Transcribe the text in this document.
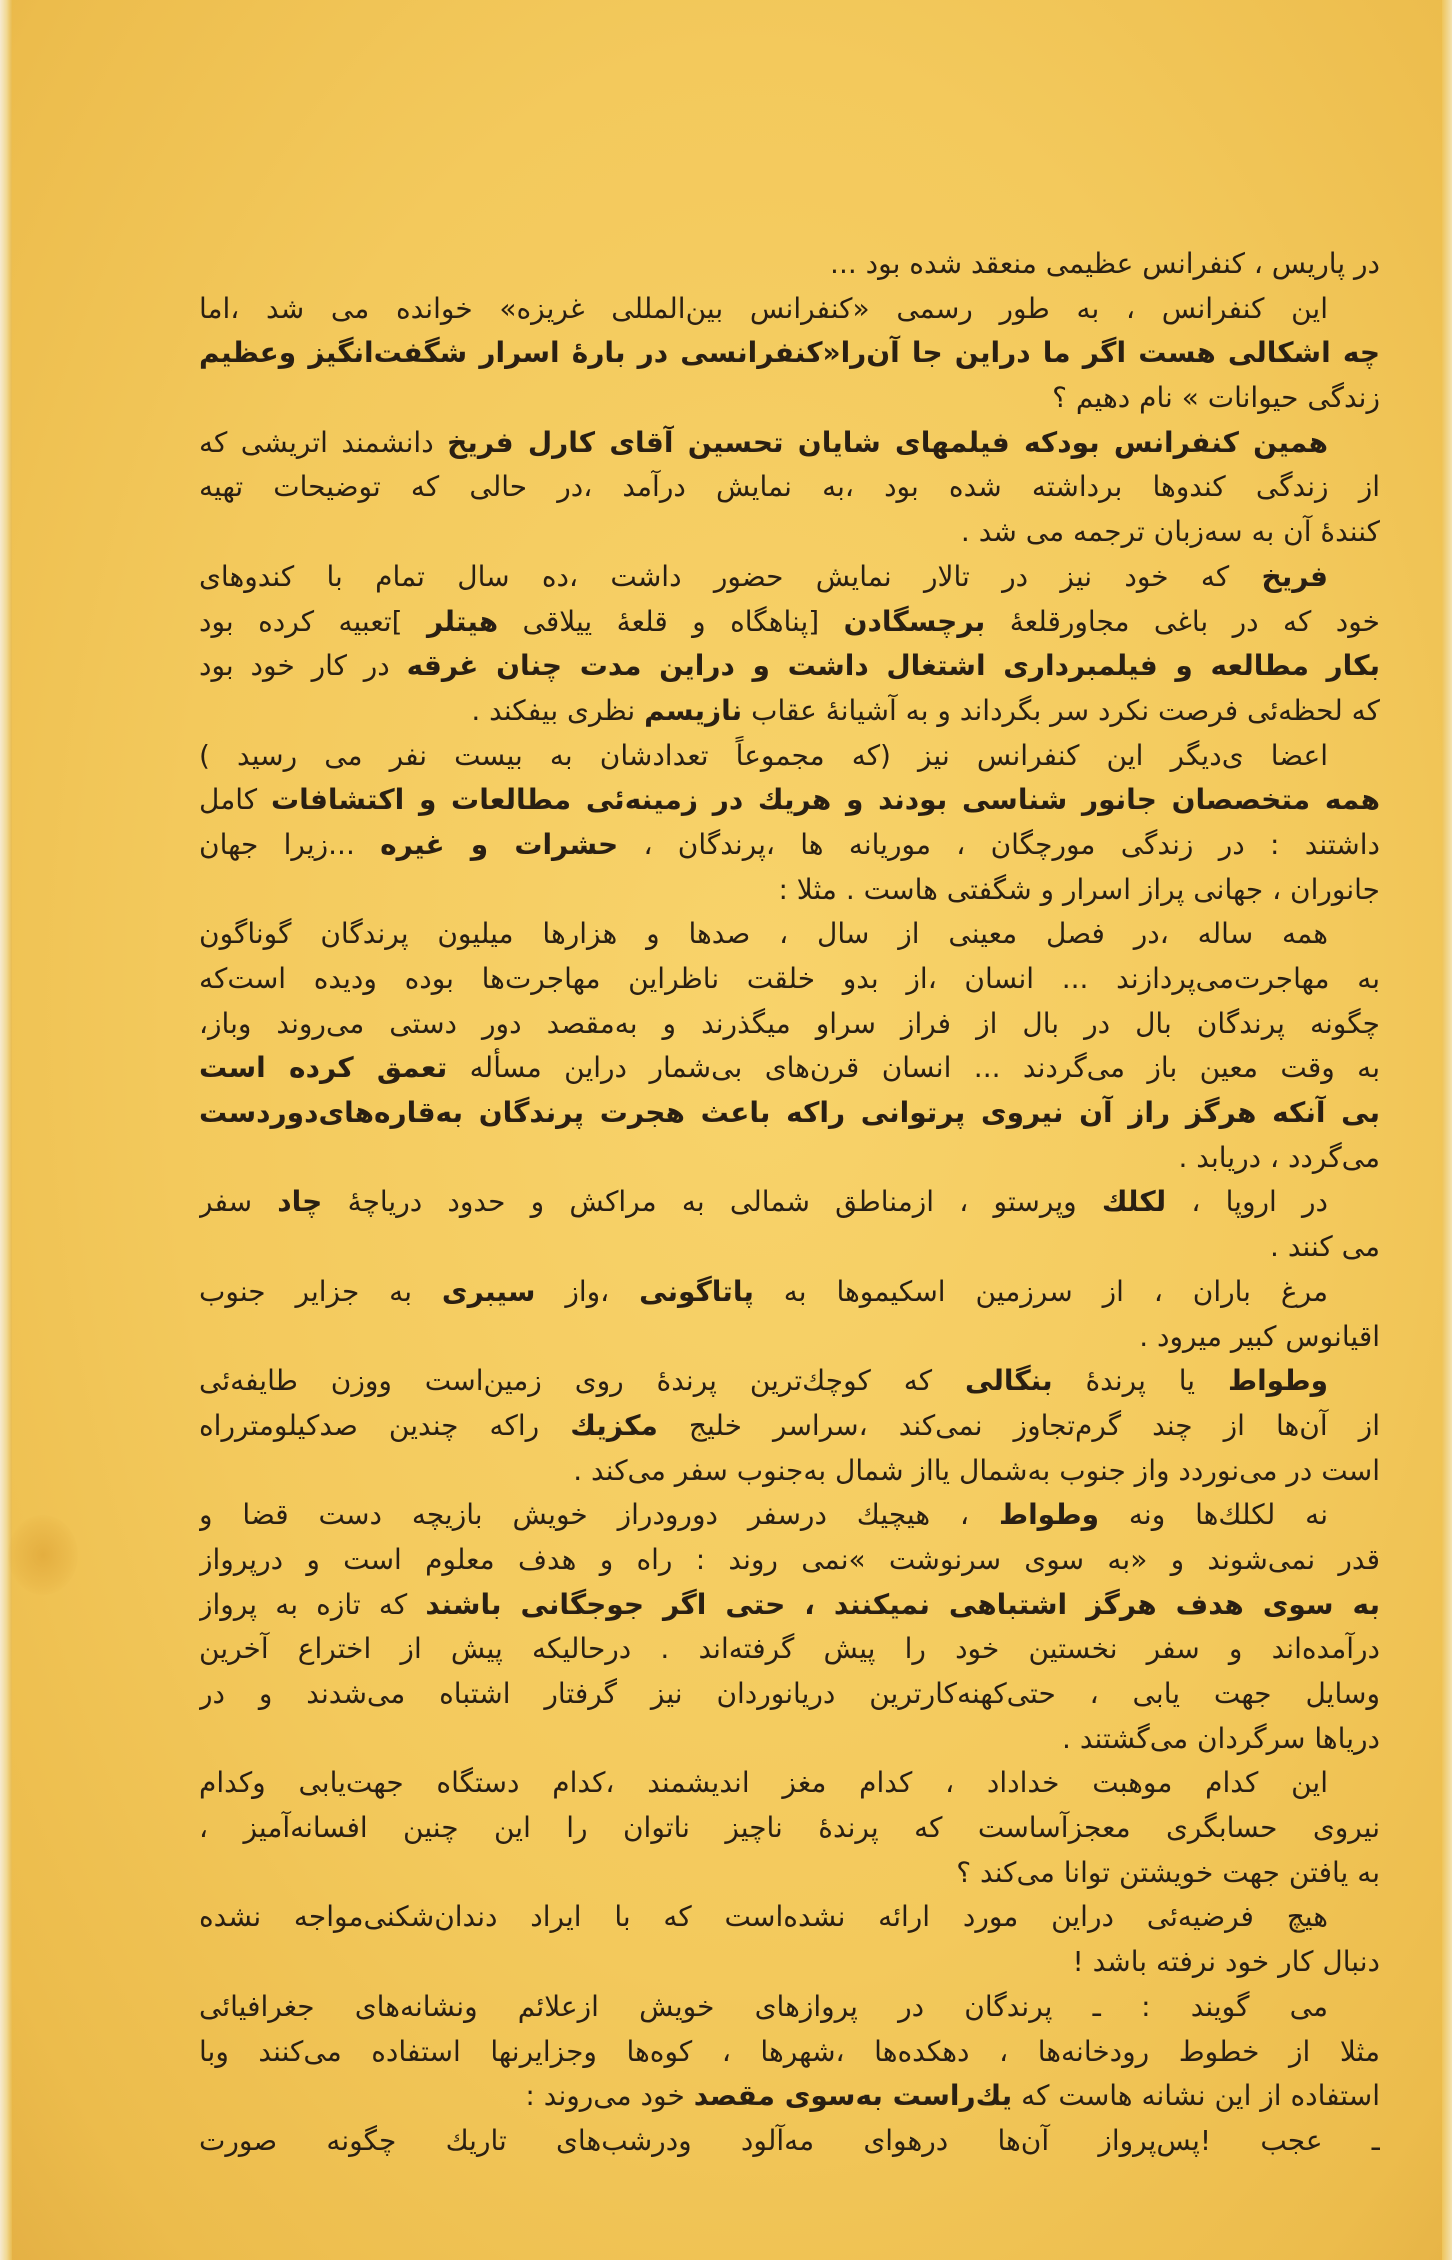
در پاریس ، کنفرانس عظیمی منعقد شده بود ...
این کنفرانس ، به طور رسمی «کنفرانس بین‌المللی غریزه» خوانده می شد ،اما
چه اشکالی هست اگر ما دراین جا آن‌را«کنفرانسی در بارهٔ اسرار شگفت‌انگیز وعظیم
زندگی حیوانات » نام دهیم ؟
همین کنفرانس بودکه فیلمهای شایان تحسین آقای کارل فریخ دانشمند اتریشی که
از زندگی کندوها برداشته شده بود ،به نمایش درآمد ،در حالی که توضیحات تهیه
کنندهٔ آن به سه‌زبان ترجمه می شد .
فریخ که خود نیز در تالار نمایش حضور داشت ،ده سال تمام با کندوهای
خود که در باغی مجاورقلعهٔ برچسگادن [پناهگاه و قلعهٔ ییلاقی هیتلر ]تعبیه کرده بود
بکار مطالعه و فیلمبرداری اشتغال داشت و دراین مدت چنان غرقه در کار خود بود
که لحظه‌ئی فرصت نکرد سر بگرداند و به آشیانهٔ عقاب نازیسم نظری بیفکند .
اعضا ی‌دیگر این کنفرانس نیز (که مجموعاً تعدادشان به بیست نفر می رسید )
همه متخصصان جانور شناسی بودند و هریك در زمینه‌ئی مطالعات و اکتشافات کامل
داشتند : در زندگی مورچگان ، موریانه ها ،پرندگان ، حشرات و غیره ...زیرا جهان
جانوران ، جهانی پراز اسرار و شگفتی هاست . مثلا :
همه ساله ،در فصل معینی از سال ، صدها و هزارها میلیون پرندگان گوناگون
به مهاجرت‌می‌پردازند ... انسان ،از بدو خلقت ناظراین مهاجرت‌ها بوده ودیده است‌که
چگونه پرندگان بال در بال از فراز سراو میگذرند و به‌مقصد دور دستی می‌روند وباز،
به وقت معین باز می‌گردند ... انسان قرن‌های بی‌شمار دراین مسأله تعمق کرده است
بی آنکه هرگز راز آن نیروی پرتوانی راکه باعث هجرت پرندگان به‌قاره‌های‌دوردست
می‌گردد ، دریابد .
در اروپا ، لکلك وپرستو ، ازمناطق شمالی به مراکش و حدود دریاچهٔ چاد سفر
می کنند .
مرغ باران ، از سرزمین اسکیموها به پاتاگونی ،واز سیبری به جزایر جنوب
اقیانوس کبیر میرود .
وطواط یا پرندهٔ بنگالی که کوچك‌ترین پرندهٔ روی زمین‌است ووزن طایفه‌ئی
از آن‌ها از چند گرم‌تجاوز نمی‌کند ،سراسر خلیج مکزیك راکه چندین صدکیلومترراه
است در می‌نوردد واز جنوب به‌شمال یااز شمال به‌جنوب سفر می‌کند .
نه لکلك‌ها ونه وطواط ، هیچیك درسفر دورودراز خویش بازیچه دست قضا و
قدر نمی‌شوند و «به سوی سرنوشت »نمی روند : راه و هدف معلوم است و درپرواز
به سوی هدف هرگز اشتباهی نمیکنند ، حتی اگر جوجگانی باشند که تازه به پرواز
درآمده‌اند و سفر نخستین خود را پیش گرفته‌اند . درحالیکه پیش از اختراع آخرین
وسایل جهت یابی ، حتی‌کهنه‌کارترین دریانوردان نیز گرفتار اشتباه می‌شدند و در
دریاها سرگردان می‌گشتند .
این کدام موهبت خداداد ، کدام مغز اندیشمند ،کدام دستگاه جهت‌یابی وکدام
نیروی حسابگری معجزآساست که پرندهٔ ناچیز ناتوان را این چنین افسانه‌آمیز ،
به یافتن جهت خویشتن توانا می‌کند ؟
هیچ فرضیه‌ئی دراین مورد ارائه نشده‌است که با ایراد دندان‌شکنی‌مواجه نشده
دنبال کار خود نرفته باشد !
می گویند : ـ پرندگان در پروازهای خویش ازعلائم ونشانه‌های جغرافیائی
مثلا از خطوط رودخانه‌ها ، دهکده‌ها ،شهرها ، کوه‌ها وجزایرنها استفاده می‌کنند وبا
استفاده از این نشانه هاست که یك‌راست به‌سوی مقصد خود می‌روند :
ـ عجب !پس‌پرواز آن‌ها درهوای مه‌آلود ودرشب‌های تاریك چگونه صورت
